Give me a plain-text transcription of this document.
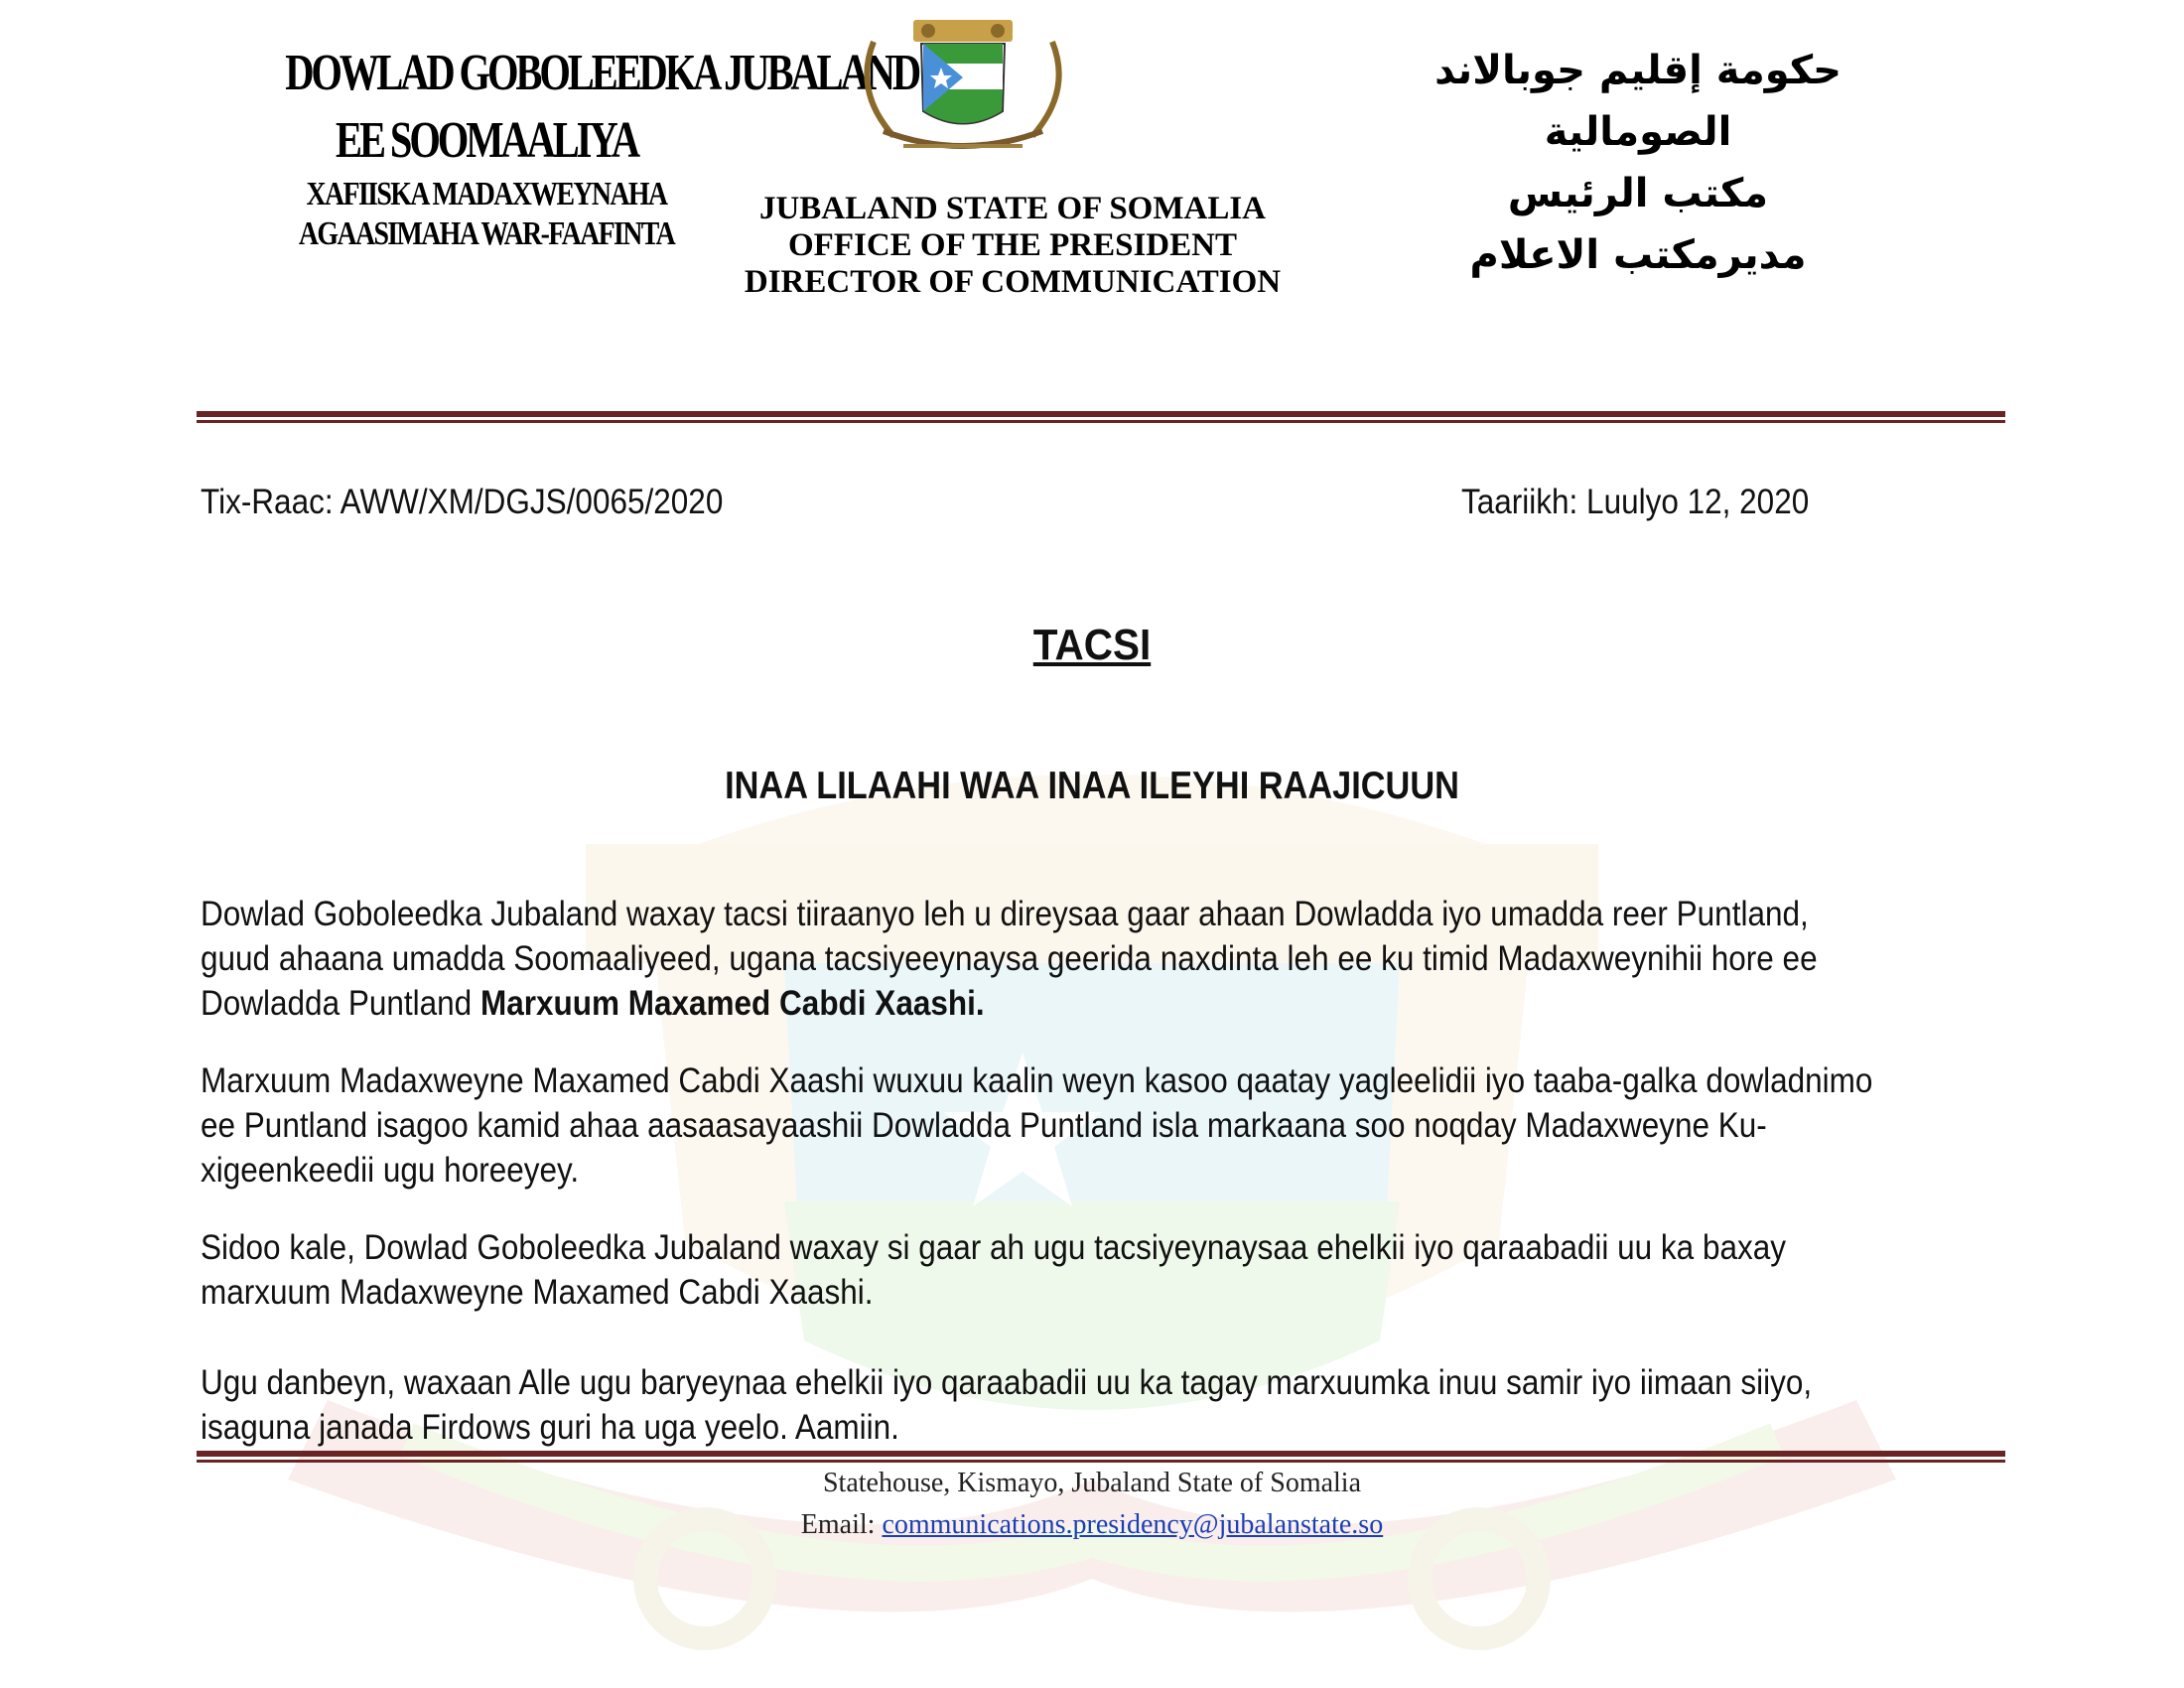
DOWLAD GOBOLEEDKA JUBALAND
EE SOOMAALIYA
XAFIISKA MADAXWEYNAHA
AGAASIMAHA WAR-FAAFINTA
JUBALAND STATE OF SOMALIA
OFFICE OF THE PRESIDENT
DIRECTOR OF COMMUNICATION
حكومة إقليم جوبالاند الصومالية
مكتب الرئيس
مديرمكتب الاعلام
Tix-Raac: AWW/XM/DGJS/0065/2020	Taariikh: Luulyo 12, 2020
TACSI
INAA LILAAHI WAA INAA ILEYHI RAAJICUUN
Dowlad Goboleedka Jubaland waxay tacsi tiiraanyo leh u direysaa gaar ahaan Dowladda iyo umadda reer Puntland, guud ahaana umadda Soomaaliyeed, ugana tacsiyeeynaysa geerida naxdinta leh ee ku timid Madaxweynihii hore ee Dowladda Puntland Marxuum Maxamed Cabdi Xaashi.
Marxuum Madaxweyne Maxamed Cabdi Xaashi wuxuu kaalin weyn kasoo qaatay yagleelidii iyo taaba-galka dowladnimo ee Puntland isagoo kamid ahaa aasaasayaashii Dowladda Puntland isla markaana soo noqday Madaxweyne Ku-xigeenkeedii ugu horeeyey.
Sidoo kale, Dowlad Goboleedka Jubaland waxay si gaar ah ugu tacsiyeynaysaa ehelkii iyo qaraabadii uu ka baxay marxuum Madaxweyne Maxamed Cabdi Xaashi.
Ugu danbeyn, waxaan Alle ugu baryeynaa ehelkii iyo qaraabadii uu ka tagay marxuumka inuu samir iyo iimaan siiyo, isaguna janada Firdows guri ha uga yeelo. Aamiin.
Statehouse, Kismayo, Jubaland State of Somalia
Email: communications.presidency@jubalanstate.so
